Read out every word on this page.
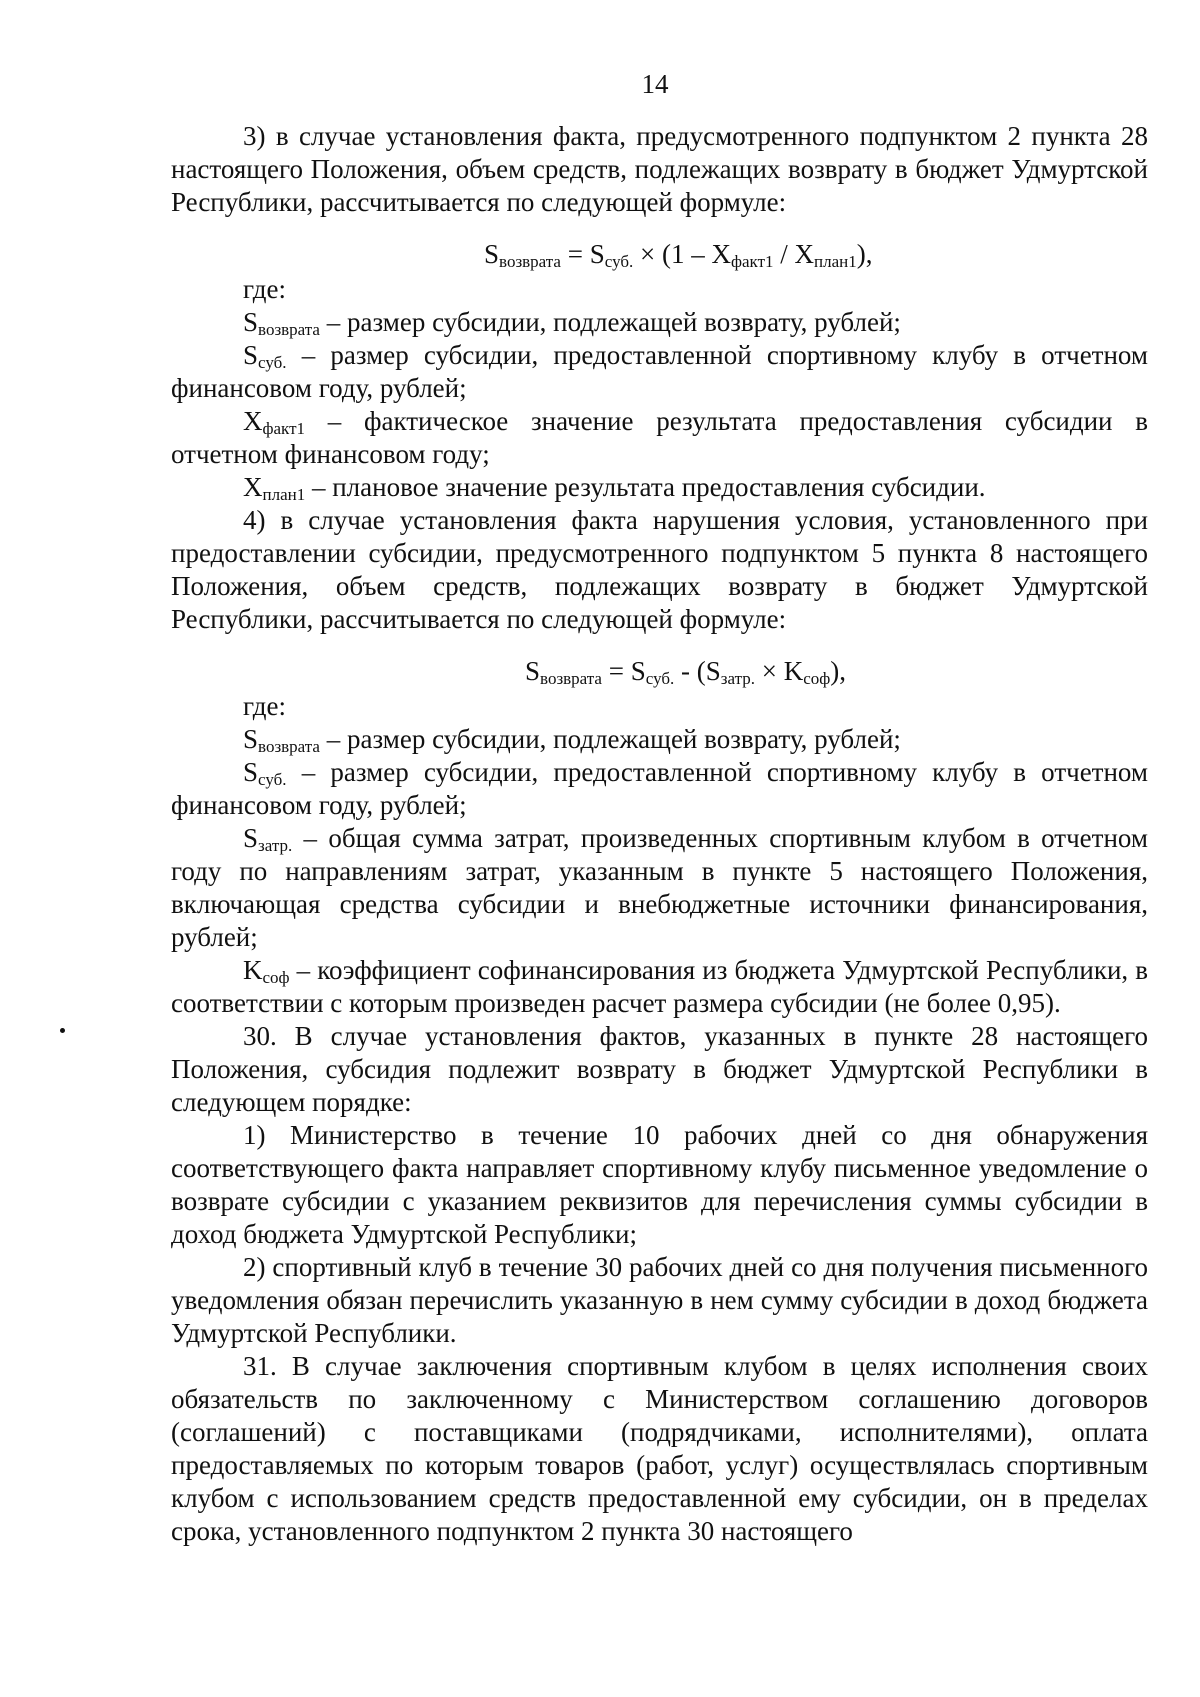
14

3) в случае установления факта, предусмотренного подпунктом 2 пункта 28 настоящего Положения, объем средств, подлежащих возврату в бюджет Удмуртской Республики, рассчитывается по следующей формуле:

$S_{возврата} = S_{суб.} \times (1 - X_{факт1} / X_{план1})$,

где:

$S_{возврата}$ – размер субсидии, подлежащей возврату, рублей;

$S_{суб.}$ – размер субсидии, предоставленной спортивному клубу в отчетном финансовом году, рублей;

$X_{факт1}$ – фактическое значение результата предоставления субсидии в отчетном финансовом году;

$X_{план1}$ – плановое значение результата предоставления субсидии.

4) в случае установления факта нарушения условия, установленного при предоставлении субсидии, предусмотренного подпунктом 5 пункта 8 настоящего Положения, объем средств, подлежащих возврату в бюджет Удмуртской Республики, рассчитывается по следующей формуле:

$S_{возврата} = S_{суб.} - (S_{затр.} \times K_{соф})$,

где:

$S_{возврата}$ – размер субсидии, подлежащей возврату, рублей;

$S_{суб.}$ – размер субсидии, предоставленной спортивному клубу в отчетном финансовом году, рублей;

$S_{затр.}$ – общая сумма затрат, произведенных спортивным клубом в отчетном году по направлениям затрат, указанным в пункте 5 настоящего Положения, включающая средства субсидии и внебюджетные источники финансирования, рублей;

$K_{соф}$ – коэффициент софинансирования из бюджета Удмуртской Республики, в соответствии с которым произведен расчет размера субсидии (не более 0,95).

30. В случае установления фактов, указанных в пункте 28 настоящего Положения, субсидия подлежит возврату в бюджет Удмуртской Республики в следующем порядке:

1) Министерство в течение 10 рабочих дней со дня обнаружения соответствующего факта направляет спортивному клубу письменное уведомление о возврате субсидии с указанием реквизитов для перечисления суммы субсидии в доход бюджета Удмуртской Республики;

2) спортивный клуб в течение 30 рабочих дней со дня получения письменного уведомления обязан перечислить указанную в нем сумму субсидии в доход бюджета Удмуртской Республики.

31. В случае заключения спортивным клубом в целях исполнения своих обязательств по заключенному с Министерством соглашению договоров (соглашений) с поставщиками (подрядчиками, исполнителями), оплата предоставляемых по которым товаров (работ, услуг) осуществлялась спортивным клубом с использованием средств предоставленной ему субсидии, он в пределах срока, установленного подпунктом 2 пункта 30 настоящего
